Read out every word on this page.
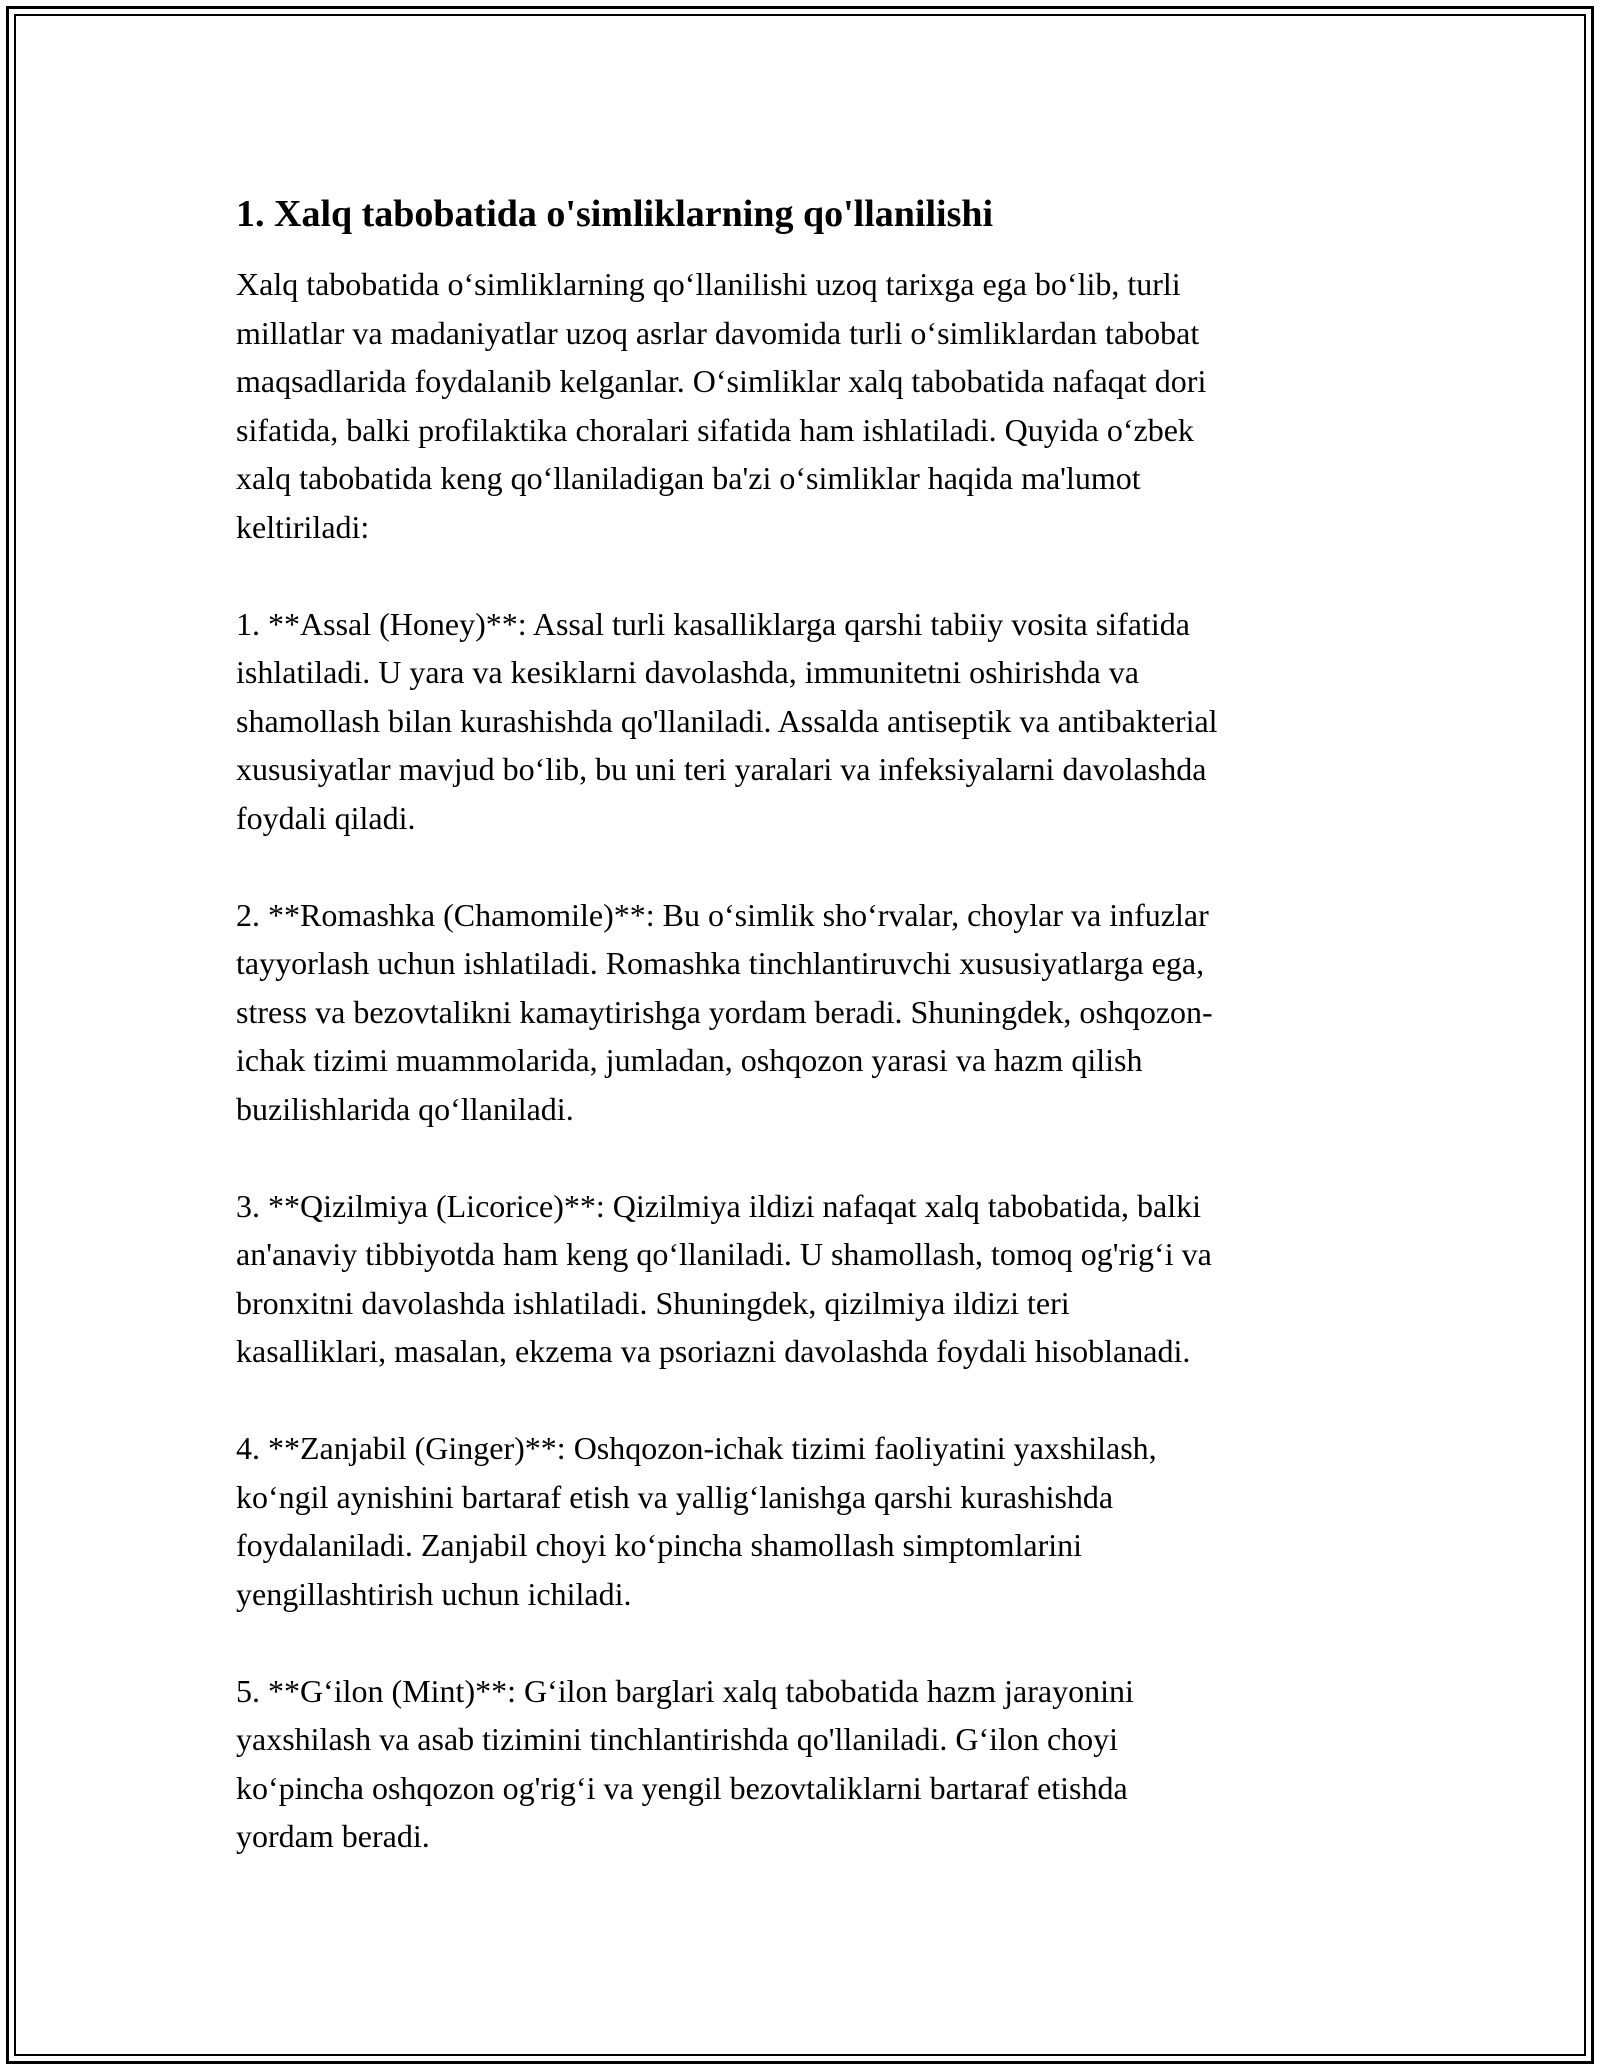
1. Xalq tabobatida o'simliklarning qo'llanilishi
Xalq tabobatida o‘simliklarning qo‘llanilishi uzoq tarixga ega bo‘lib, turli
millatlar va madaniyatlar uzoq asrlar davomida turli o‘simliklardan tabobat
maqsadlarida foydalanib kelganlar. O‘simliklar xalq tabobatida nafaqat dori
sifatida, balki profilaktika choralari sifatida ham ishlatiladi. Quyida o‘zbek
xalq tabobatida keng qo‘llaniladigan ba'zi o‘simliklar haqida ma'lumot
keltiriladi:
1. **Assal (Honey)**: Assal turli kasalliklarga qarshi tabiiy vosita sifatida
ishlatiladi. U yara va kesiklarni davolashda, immunitetni oshirishda va
shamollash bilan kurashishda qo'llaniladi. Assalda antiseptik va antibakterial
xususiyatlar mavjud bo‘lib, bu uni teri yaralari va infeksiyalarni davolashda
foydali qiladi.
2. **Romashka (Chamomile)**: Bu o‘simlik sho‘rvalar, choylar va infuzlar
tayyorlash uchun ishlatiladi. Romashka tinchlantiruvchi xususiyatlarga ega,
stress va bezovtalikni kamaytirishga yordam beradi. Shuningdek, oshqozon-
ichak tizimi muammolarida, jumladan, oshqozon yarasi va hazm qilish
buzilishlarida qo‘llaniladi.
3. **Qizilmiya (Licorice)**: Qizilmiya ildizi nafaqat xalq tabobatida, balki
an'anaviy tibbiyotda ham keng qo‘llaniladi. U shamollash, tomoq og'rig‘i va
bronxitni davolashda ishlatiladi. Shuningdek, qizilmiya ildizi teri
kasalliklari, masalan, ekzema va psoriazni davolashda foydali hisoblanadi.
4. **Zanjabil (Ginger)**: Oshqozon-ichak tizimi faoliyatini yaxshilash,
ko‘ngil aynishini bartaraf etish va yallig‘lanishga qarshi kurashishda
foydalaniladi. Zanjabil choyi ko‘pincha shamollash simptomlarini
yengillashtirish uchun ichiladi.
5. **G‘ilon (Mint)**: G‘ilon barglari xalq tabobatida hazm jarayonini
yaxshilash va asab tizimini tinchlantirishda qo'llaniladi. G‘ilon choyi
ko‘pincha oshqozon og'rig‘i va yengil bezovtaliklarni bartaraf etishda
yordam beradi.
